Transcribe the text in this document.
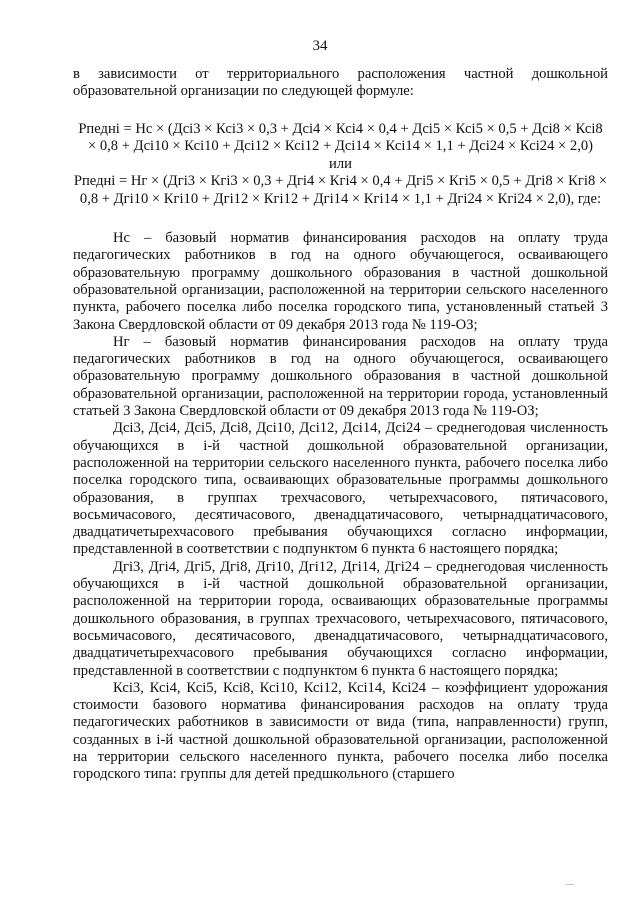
34
в зависимости от территориального расположения частной дошкольной образовательной организации по следующей формуле:
Рпедні = Нс × (Дсі3 × Ксі3 × 0,3 + Дсі4 × Ксі4 × 0,4 + Дсі5 × Ксі5 × 0,5 + Дсі8 × Ксі8
× 0,8 + Дсі10 × Ксі10 + Дсі12 × Ксі12 + Дсі14 × Ксі14 × 1,1 + Дсі24 × Ксі24 × 2,0)
или
Рпедні = Нг × (Дгі3 × Кгі3 × 0,3 + Дгі4 × Кгі4 × 0,4 + Дгі5 × Кгі5 × 0,5 + Дгі8 × Кгі8 ×
0,8 + Дгі10 × Кгі10 + Дгі12 × Кгі12 + Дгі14 × Кгі14 × 1,1 + Дгі24 × Кгі24 × 2,0), где:
Нс – базовый норматив финансирования расходов на оплату труда педагогических работников в год на одного обучающегося, осваивающего образовательную программу дошкольного образования в частной дошкольной образовательной организации, расположенной на территории сельского населенного пункта, рабочего поселка либо поселка городского типа, установленный статьей 3 Закона Свердловской области от 09 декабря 2013 года № 119-ОЗ;
Нг – базовый норматив финансирования расходов на оплату труда педагогических работников в год на одного обучающегося, осваивающего образовательную программу дошкольного образования в частной дошкольной образовательной организации, расположенной на территории города, установленный статьей 3 Закона Свердловской области от 09 декабря 2013 года № 119-ОЗ;
Дсі3, Дсі4, Дсі5, Дсі8, Дсі10, Дсі12, Дсі14, Дсі24 – среднегодовая численность обучающихся в і-й частной дошкольной образовательной организации, расположенной на территории сельского населенного пункта, рабочего поселка либо поселка городского типа, осваивающих образовательные программы дошкольного образования, в группах трехчасового, четырехчасового, пятичасового, восьмичасового, десятичасового, двенадцатичасового, четырнадцатичасового, двадцатичетырехчасового пребывания обучающихся согласно информации, представленной в соответствии с подпунктом 6 пункта 6 настоящего порядка;
Дгі3, Дгі4, Дгі5, Дгі8, Дгі10, Дгі12, Дгі14, Дгі24 – среднегодовая численность обучающихся в і-й частной дошкольной образовательной организации, расположенной на территории города, осваивающих образовательные программы дошкольного образования, в группах трехчасового, четырехчасового, пятичасового, восьмичасового, десятичасового, двенадцатичасового, четырнадцатичасового, двадцатичетырехчасового пребывания обучающихся согласно информации, представленной в соответствии с подпунктом 6 пункта 6 настоящего порядка;
Ксі3, Ксі4, Ксі5, Ксі8, Ксі10, Ксі12, Ксі14, Ксі24 – коэффициент удорожания стоимости базового норматива финансирования расходов на оплату труда педагогических работников в зависимости от вида (типа, направленности) групп, созданных в і-й частной дошкольной образовательной организации, расположенной на территории сельского населенного пункта, рабочего поселка либо поселка городского типа: группы для детей предшкольного (старшего
—
